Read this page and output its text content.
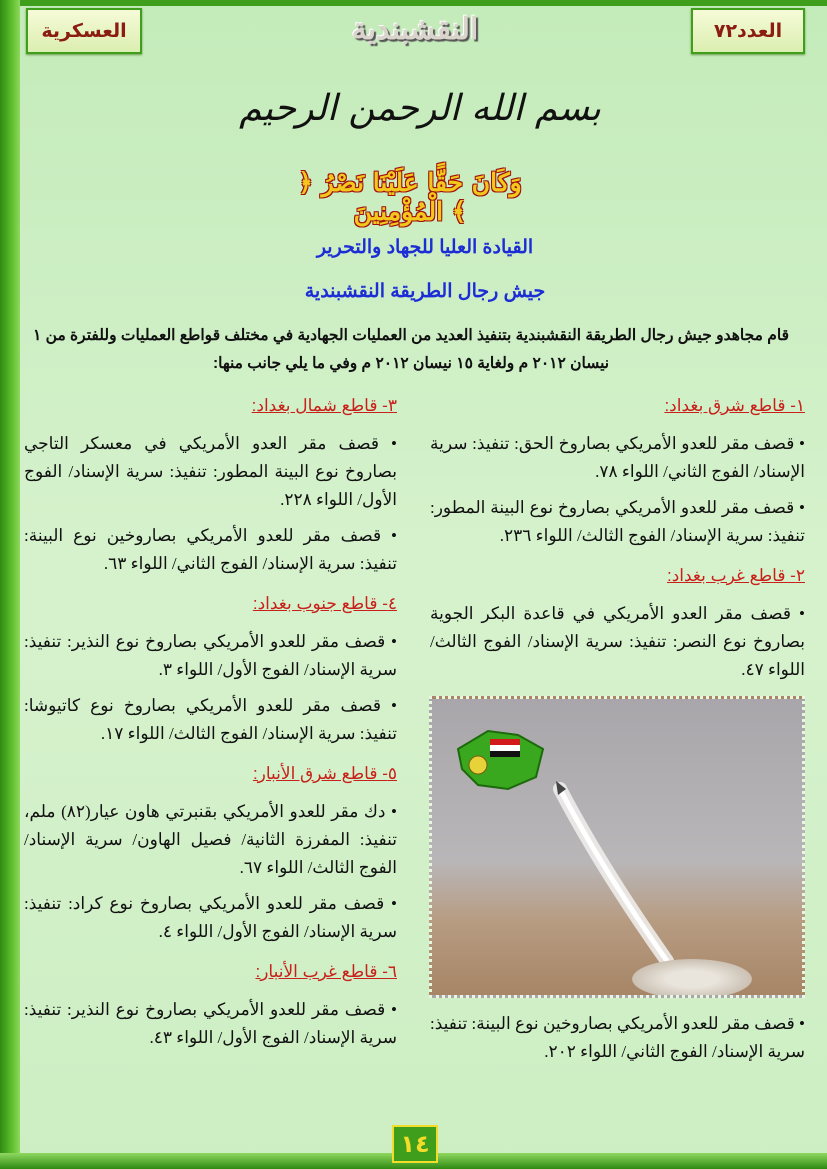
العسكرية	العدد٧٢
النقشبندية
بسم الله الرحمن الرحيم
﴿ وَكَانَ حَقًّا عَلَيْنَا نَصْرُ الْمُؤْمِنِينَ ﴾
القيادة العليا للجهاد والتحرير
جيش رجال الطريقة النقشبندية
قام مجاهدو جيش رجال الطريقة النقشبندية بتنفيذ العديد من العمليات الجهادية في مختلف قواطع العمليات وللفترة من ١ نيسان ٢٠١٢ م ولغاية ١٥ نيسان ٢٠١٢ م وفي ما يلي جانب منها:
١- قاطع شرق بغداد:
• قصف مقر للعدو الأمريكي بصاروخ الحق: تنفيذ: سرية الإسناد/ الفوج الثاني/ اللواء ٧٨.
• قصف مقر للعدو الأمريكي بصاروخ نوع البينة المطور: تنفيذ: سرية الإسناد/ الفوج الثالث/ اللواء ٢٣٦.
٢- قاطع غرب بغداد:
• قصف مقر العدو الأمريكي في قاعدة البكر الجوية بصاروخ نوع النصر: تنفيذ: سرية الإسناد/ الفوج الثالث/ اللواء ٤٧.
• قصف مقر للعدو الأمريكي بصاروخين نوع البينة: تنفيذ: سرية الإسناد/ الفوج الثاني/ اللواء ٢٠٢.
٣- قاطع شمال بغداد:
• قصف مقر العدو الأمريكي في معسكر التاجي بصاروخ نوع البينة المطور: تنفيذ: سرية الإسناد/ الفوج الأول/ اللواء ٢٢٨.
• قصف مقر للعدو الأمريكي بصاروخين نوع البينة: تنفيذ: سرية الإسناد/ الفوج الثاني/ اللواء ٦٣.
٤- قاطع جنوب بغداد:
• قصف مقر للعدو الأمريكي بصاروخ نوع النذير: تنفيذ: سرية الإسناد/ الفوج الأول/ اللواء ٣.
• قصف مقر للعدو الأمريكي بصاروخ نوع كاتيوشا: تنفيذ: سرية الإسناد/ الفوج الثالث/ اللواء ١٧.
٥- قاطع شرق الأنبار:
• دك مقر للعدو الأمريكي بقنبرتي هاون عيار(٨٢) ملم، تنفيذ: المفرزة الثانية/ فصيل الهاون/ سرية الإسناد/ الفوج الثالث/ اللواء ٦٧.
• قصف مقر للعدو الأمريكي بصاروخ نوع كراد: تنفيذ: سرية الإسناد/ الفوج الأول/ اللواء ٤.
٦- قاطع غرب الأنبار:
• قصف مقر للعدو الأمريكي بصاروخ نوع النذير: تنفيذ: سرية الإسناد/ الفوج الأول/ اللواء ٤٣.
١٤
